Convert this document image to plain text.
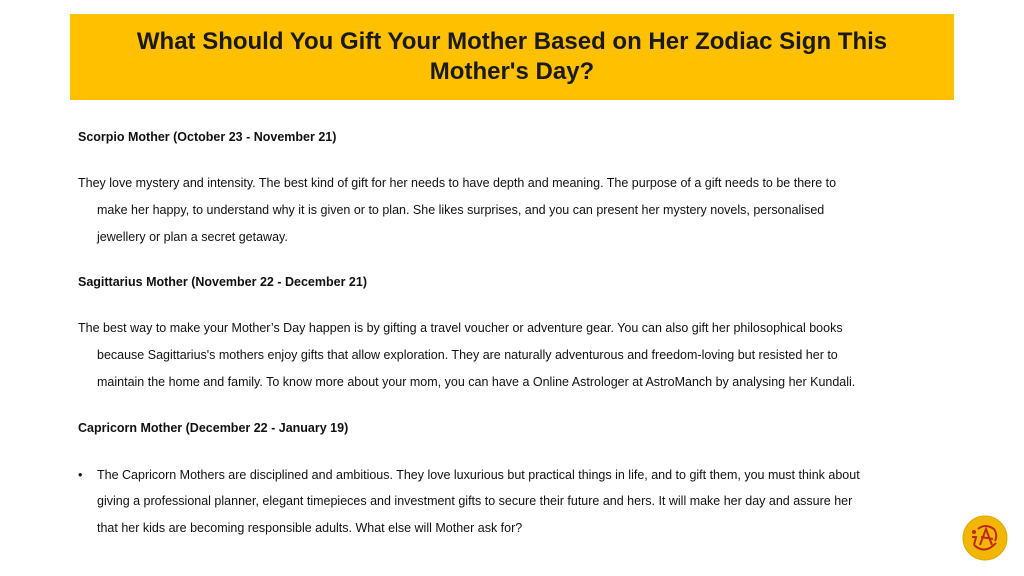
What Should You Gift Your Mother Based on Her Zodiac Sign This Mother's Day?
Scorpio Mother (October 23 - November 21)
They love mystery and intensity. The best kind of gift for her needs to have depth and meaning. The purpose of a gift needs to be there to
make her happy, to understand why it is given or to plan. She likes surprises, and you can present her mystery novels, personalised
jewellery or plan a secret getaway.
Sagittarius Mother (November 22 - December 21)
The best way to make your Mother’s Day happen is by gifting a travel voucher or adventure gear. You can also gift her philosophical books
because Sagittarius's mothers enjoy gifts that allow exploration. They are naturally adventurous and freedom-loving but resisted her to
maintain the home and family. To know more about your mom, you can have a Online Astrologer at AstroManch by analysing her Kundali.
Capricorn Mother (December 22 - January 19)
• The Capricorn Mothers are disciplined and ambitious. They love luxurious but practical things in life, and to gift them, you must think about
giving a professional planner, elegant timepieces and investment gifts to secure their future and hers. It will make her day and assure her
that her kids are becoming responsible adults. What else will Mother ask for?
